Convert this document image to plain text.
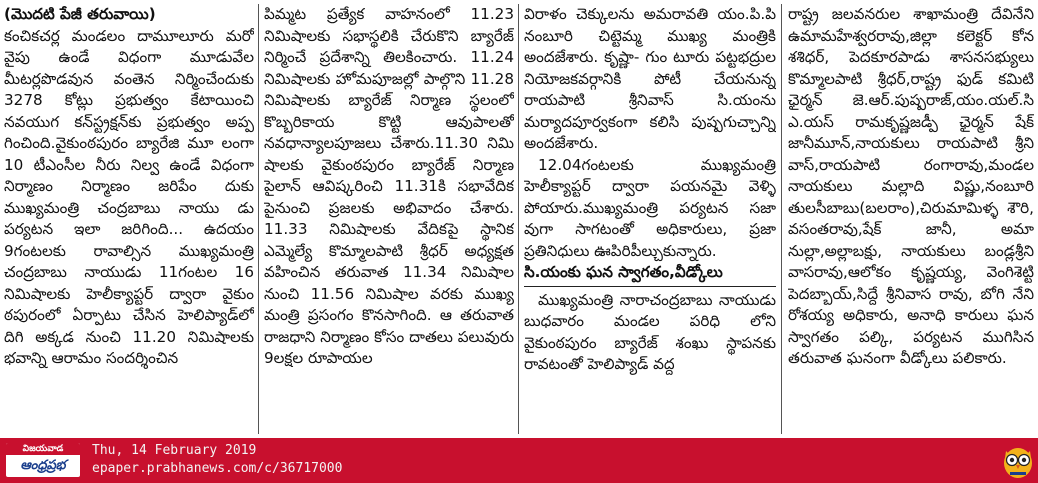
(మొదటి పేజీ తరువాయి)

కంచికచర్ల మండలం దామూలూరు మరో వైపు ఉండే విధంగా మూడువేల మీటర్లపొడవున వంతెన నిర్మించేందుకు 3278 కోట్లు ప్రభుత్వం కేటాయించి నవయుగ కన్‌స్ట్రక్షన్‌కు ప్రభుత్వం అప్ప గించింది.వైకుంఠపురం బ్యారేజి మూ లంగా 10 టీఎంసీల నీరు నిల్వ ఉండే విధంగా నిర్మాణం నిర్మాణం జరిపేం దుకు ముఖ్యమంత్రి చంద్రబాబు నాయు డు పర్యటన ఇలా జరిగింది... ఉదయం 9గంటలకు రావాల్సిన ముఖ్యమంత్రి చంద్రబాబు నాయుడు 11గంటల 16 నిమిషాలకు హెలీక్యాప్టర్ ద్వారా వైకుం ఠపురంలో ఏర్పాటు చేసిన హెలిప్యాడ్‌లో దిగి అక్కడ నుంచి 11.20 నిమిషాలకు భవాన్ని ఆరామం సందర్శించిన

పిమ్మట ప్రత్యేక వాహనంలో 11.23 నిమిషాలకు సభాస్థలికి చేరుకొని బ్యారేజ్ నిర్మించే ప్రదేశాన్ని తిలకించారు. 11.24 నిమిషాలకు హోమపూజల్లో పాల్గొని 11.28 నిమిషాలకు బ్యారేజ్ నిర్మాణ స్థలంలో కొబ్బరికాయ కొట్టి ఆవుపాలతో నవధాన్యాలపూజలు చేశారు.11.30 నిమి షాలకు వైకుంఠపురం బ్యారేజ్ నిర్మాణ పైలాన్ ఆవిష్కరించి 11.31కి సభావేదిక పైనుంచి ప్రజలకు అభివాదం చేశారు. 11.33 నిమిషాలకు వేదికపై స్థానిక ఎమ్మెల్యే కొమ్మాలపాటి శ్రీధర్ అధ్యక్షత వహించిన తరువాత 11.34 నిమిషాల నుంచి 11.56 నిమిషాల వరకు ముఖ్య మంత్రి ప్రసంగం కొనసాగింది. ఆ తరువాత రాజధాని నిర్మాణం కోసం దాతలు పలువురు 9లక్షల రూపాయల

విరాళం చెక్కులను అమరావతి యం.పి.పి నంబూరి చిట్టెమ్మ ముఖ్య మంత్రికి అందజేశారు. కృష్ణా- గుం టూరు పట్టభద్రుల నియోజకవర్గానికి పోటీ చేయనున్న రాయపాటి శ్రీనివాస్ సి.యంను మర్యాదపూర్వకంగా కలిసి పుష్పగుచ్చాన్ని అందజేశారు.

12.04గంటలకు ముఖ్యమంత్రి హెలీక్యాప్టర్ ద్వారా పయనమై వెళ్ళి పోయారు.ముఖ్యమంత్రి పర్యటన సజా వుగా సాగటంతో అధికారులు, ప్రజా ప్రతినిధులు ఊపిరిపీల్చుకున్నారు.

సి.యంకు ఘన స్వాగతం,వీడ్కోలు

ముఖ్యమంత్రి నారాచంద్రబాబు నాయుడు బుధవారం మండల పరిధి లోని వైకుంఠపురం బ్యారేజ్ శంఖు స్థాపనకు రావటంతో హెలిప్యాడ్ వద్ద

రాష్ట్ర జలవనరుల శాఖామంత్రి దేవినేని ఉమామహేశ్వరరావు,జిల్లా కలెక్టర్ కోన శశిధర్, పెదకూరపాడు శాసనసభ్యులు కొమ్మాలపాటి శ్రీధర్,రాష్ట్ర ఫుడ్ కమిటి ఛైర్మన్ జె.ఆర్.పుష్పరాజ్,యం.యల్.సి ఎ.యస్ రామకృష్ణజడ్పీ ఛైర్మన్ షేక్ జానీమూన్,నాయకులు రాయపాటి శ్రీని వాస్,రాయపాటి రంగారావు,మండల నాయకులు మల్లాది విష్ణు,నంబూరి తులసీబాబు(బలరాం),చిరుమామిళ్ళ శౌరి, వసంతరావు,షేక్ జానీ, అమా నుల్లా,అల్లాబక్షు, నాయకులు బండ్లశ్రీని వాసరావు,ఆలోకం కృష్ణయ్య, వెంగిశెట్టి పెదబ్బాయ్,సిద్దే శ్రీనివాస రావు, బోగి నేని రోశయ్య అధికారు, అనాధి కారులు ఘన స్వాగతం పల్కి, పర్యటన ముగిసిన తరువాత ఘనంగా వీడ్కోలు పలికారు.

విజయవాడ
ఆంధ్రప్రభ
Thu, 14 February 2019
epaper.prabhanews.com/c/36717000
